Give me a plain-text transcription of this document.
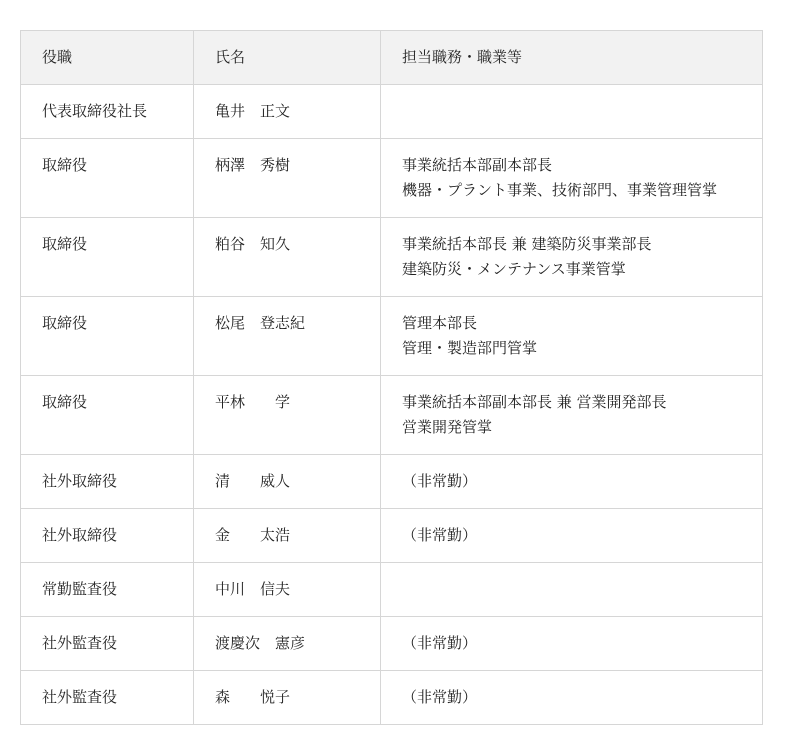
役職	氏名	担当職務・職業等
代表取締役社長	亀井　正文	
取締役	柄澤　秀樹	事業統括本部副本部長
機器・プラント事業、技術部門、事業管理管掌

取締役	粕谷　知久	事業統括本部長 兼 建築防災事業部長
建築防災・メンテナンス事業管掌

取締役	松尾　登志紀	管理本部長
管理・製造部門管掌

取締役	平林　　学	事業統括本部副本部長 兼 営業開発部長
営業開発管掌

社外取締役	清　　威人	（非常勤）

社外取締役	金　　太浩	（非常勤）

常勤監査役	中川　信夫	
社外監査役	渡慶次　憲彦	（非常勤）

社外監査役	森　　悦子	（非常勤）
